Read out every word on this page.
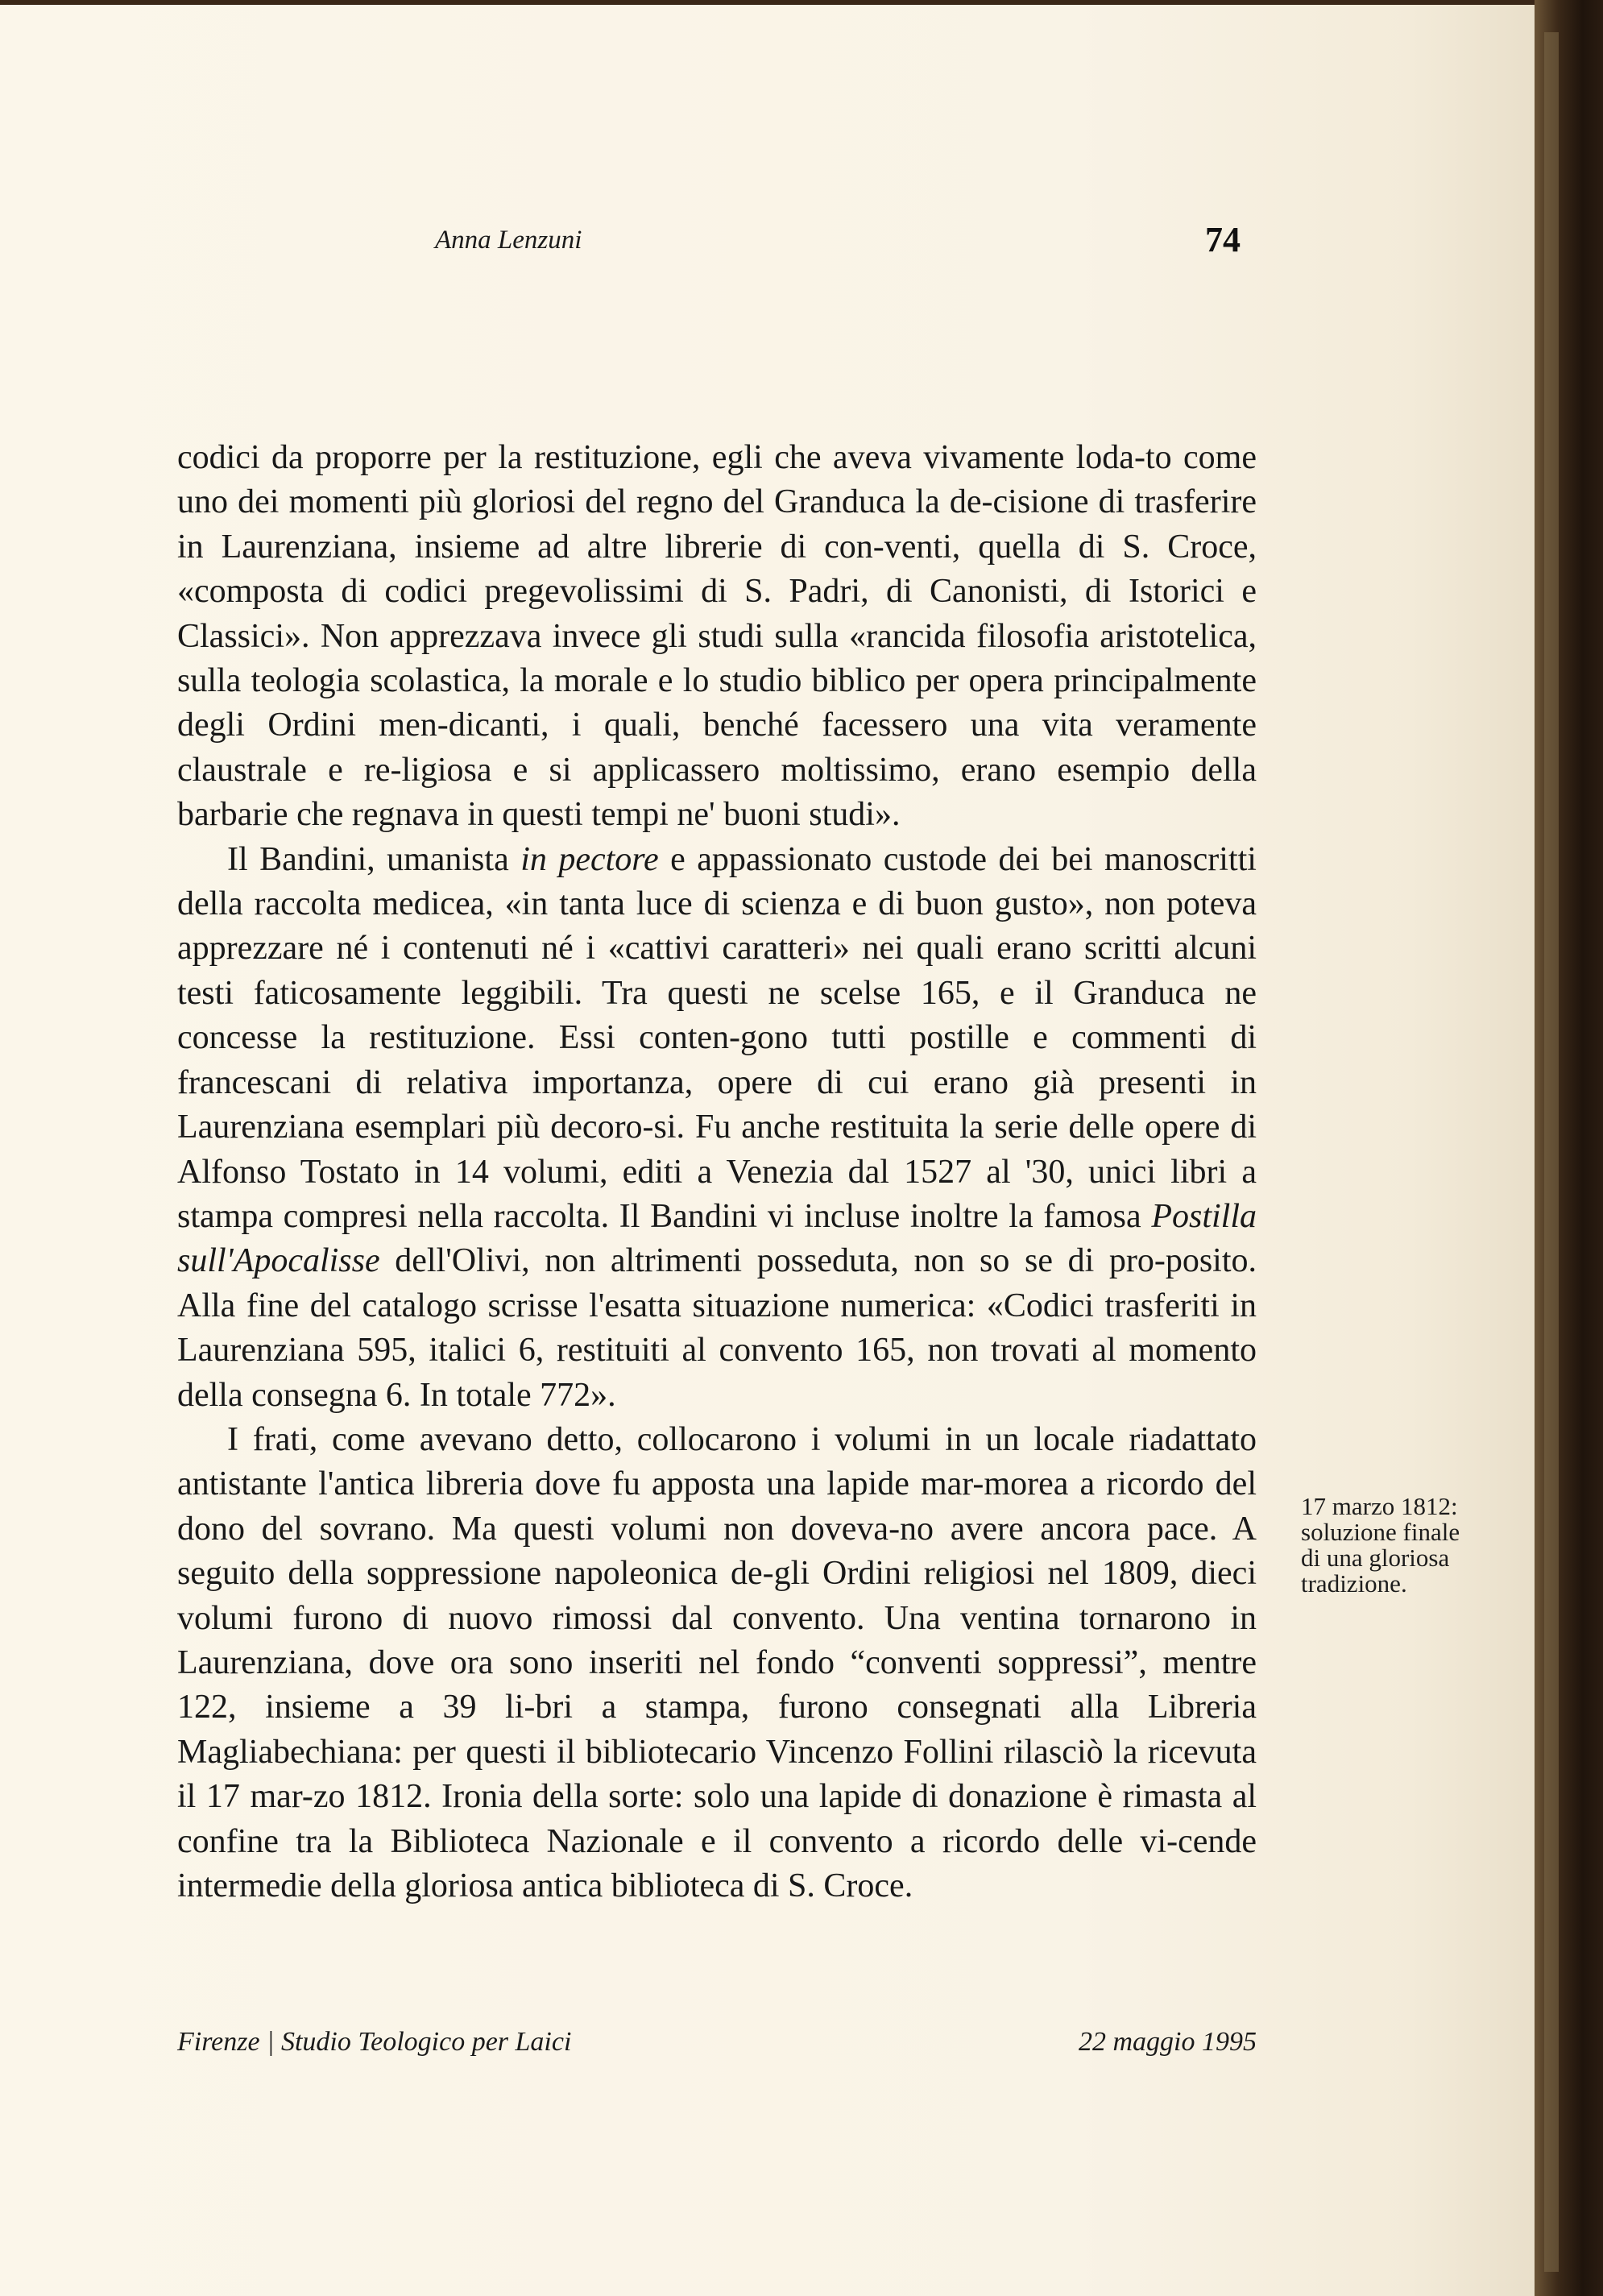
Anna Lenzuni	74

codici da proporre per la restituzione, egli che aveva vivamente loda-to come uno dei momenti più gloriosi del regno del Granduca la de-cisione di trasferire in Laurenziana, insieme ad altre librerie di con-venti, quella di S. Croce, «composta di codici pregevolissimi di S. Padri, di Canonisti, di Istorici e Classici». Non apprezzava invece gli studi sulla «rancida filosofia aristotelica, sulla teologia scolastica, la morale e lo studio biblico per opera principalmente degli Ordini men-dicanti, i quali, benché facessero una vita veramente claustrale e re-ligiosa e si applicassero moltissimo, erano esempio della barbarie che regnava in questi tempi ne' buoni studi».

Il Bandini, umanista in pectore e appassionato custode dei bei manoscritti della raccolta medicea, «in tanta luce di scienza e di buon gusto», non poteva apprezzare né i contenuti né i «cattivi caratteri» nei quali erano scritti alcuni testi faticosamente leggibili. Tra questi ne scelse 165, e il Granduca ne concesse la restituzione. Essi conten-gono tutti postille e commenti di francescani di relativa importanza, opere di cui erano già presenti in Laurenziana esemplari più decoro-si. Fu anche restituita la serie delle opere di Alfonso Tostato in 14 volumi, editi a Venezia dal 1527 al '30, unici libri a stampa compresi nella raccolta. Il Bandini vi incluse inoltre la famosa Postilla sull'Apocalisse dell'Olivi, non altrimenti posseduta, non so se di pro-posito. Alla fine del catalogo scrisse l'esatta situazione numerica: «Codici trasferiti in Laurenziana 595, italici 6, restituiti al convento 165, non trovati al momento della consegna 6. In totale 772».

I frati, come avevano detto, collocarono i volumi in un locale riadattato antistante l'antica libreria dove fu apposta una lapide mar-morea a ricordo del dono del sovrano. Ma questi volumi non doveva-no avere ancora pace. A seguito della soppressione napoleonica de-gli Ordini religiosi nel 1809, dieci volumi furono di nuovo rimossi dal convento. Una ventina tornarono in Laurenziana, dove ora sono inseriti nel fondo “conventi soppressi”, mentre 122, insieme a 39 li-bri a stampa, furono consegnati alla Libreria Magliabechiana: per questi il bibliotecario Vincenzo Follini rilasciò la ricevuta il 17 mar-zo 1812. Ironia della sorte: solo una lapide di donazione è rimasta al confine tra la Biblioteca Nazionale e il convento a ricordo delle vi-cende intermedie della gloriosa antica biblioteca di S. Croce.

17 marzo 1812:
soluzione finale
di una gloriosa
tradizione.
Firenze | Studio Teologico per Laici	22 maggio 1995
